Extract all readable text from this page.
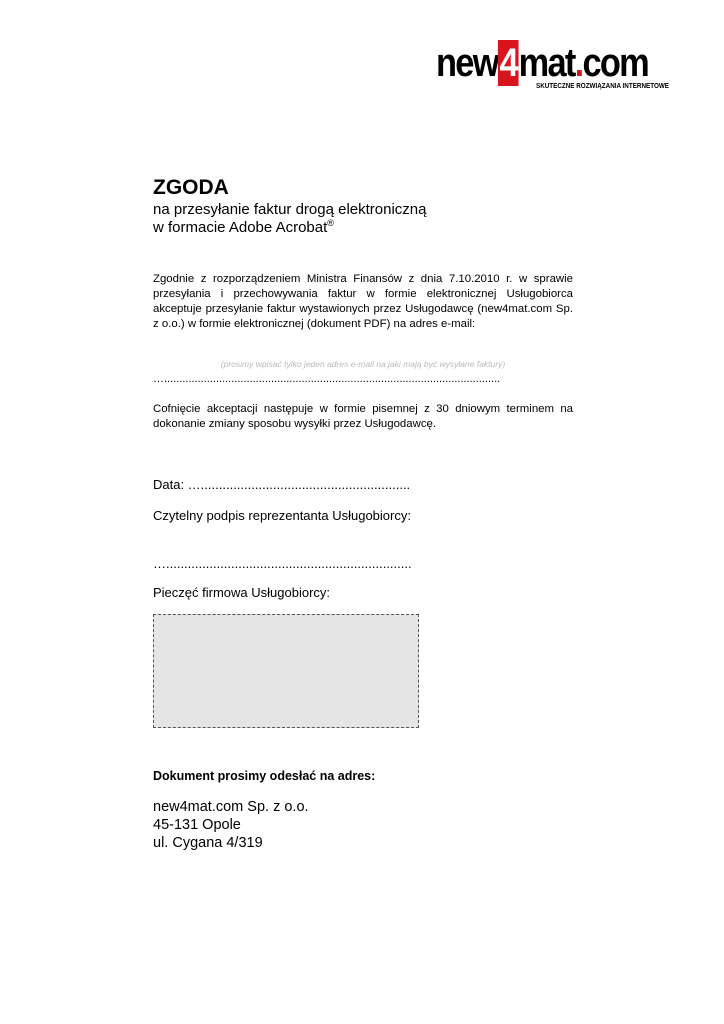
new4mat.com
SKUTECZNE ROZWIĄZANIA INTERNETOWE
ZGODA
na przesyłanie faktur drogą elektroniczną
w formacie Adobe Acrobat®
Zgodnie z rozporządzeniem Ministra Finansów z dnia 7.10.2010 r. w sprawie przesyłania i przechowywania faktur w formie elektronicznej Usługobiorca akceptuje przesyłanie faktur wystawionych przez Usługodawcę (new4mat.com Sp. z o.o.) w formie elektronicznej (dokument PDF) na adres e-mail:
(prosimy wpisać tylko jeden adres e-mail na jaki mają być wysyłane faktury)
…..............................................................................................................
Cofnięcie akceptacji następuje w formie pisemnej z 30 dniowym terminem na dokonanie zmiany sposobu wysyłki przez Usługodawcę.
Data: …..........................................................
Czytelny podpis reprezentanta Usługobiorcy:
…....................................................................
Pieczęć firmowa Usługobiorcy:
Dokument prosimy odesłać na adres:
new4mat.com Sp. z o.o.
45-131 Opole
ul. Cygana 4/319
